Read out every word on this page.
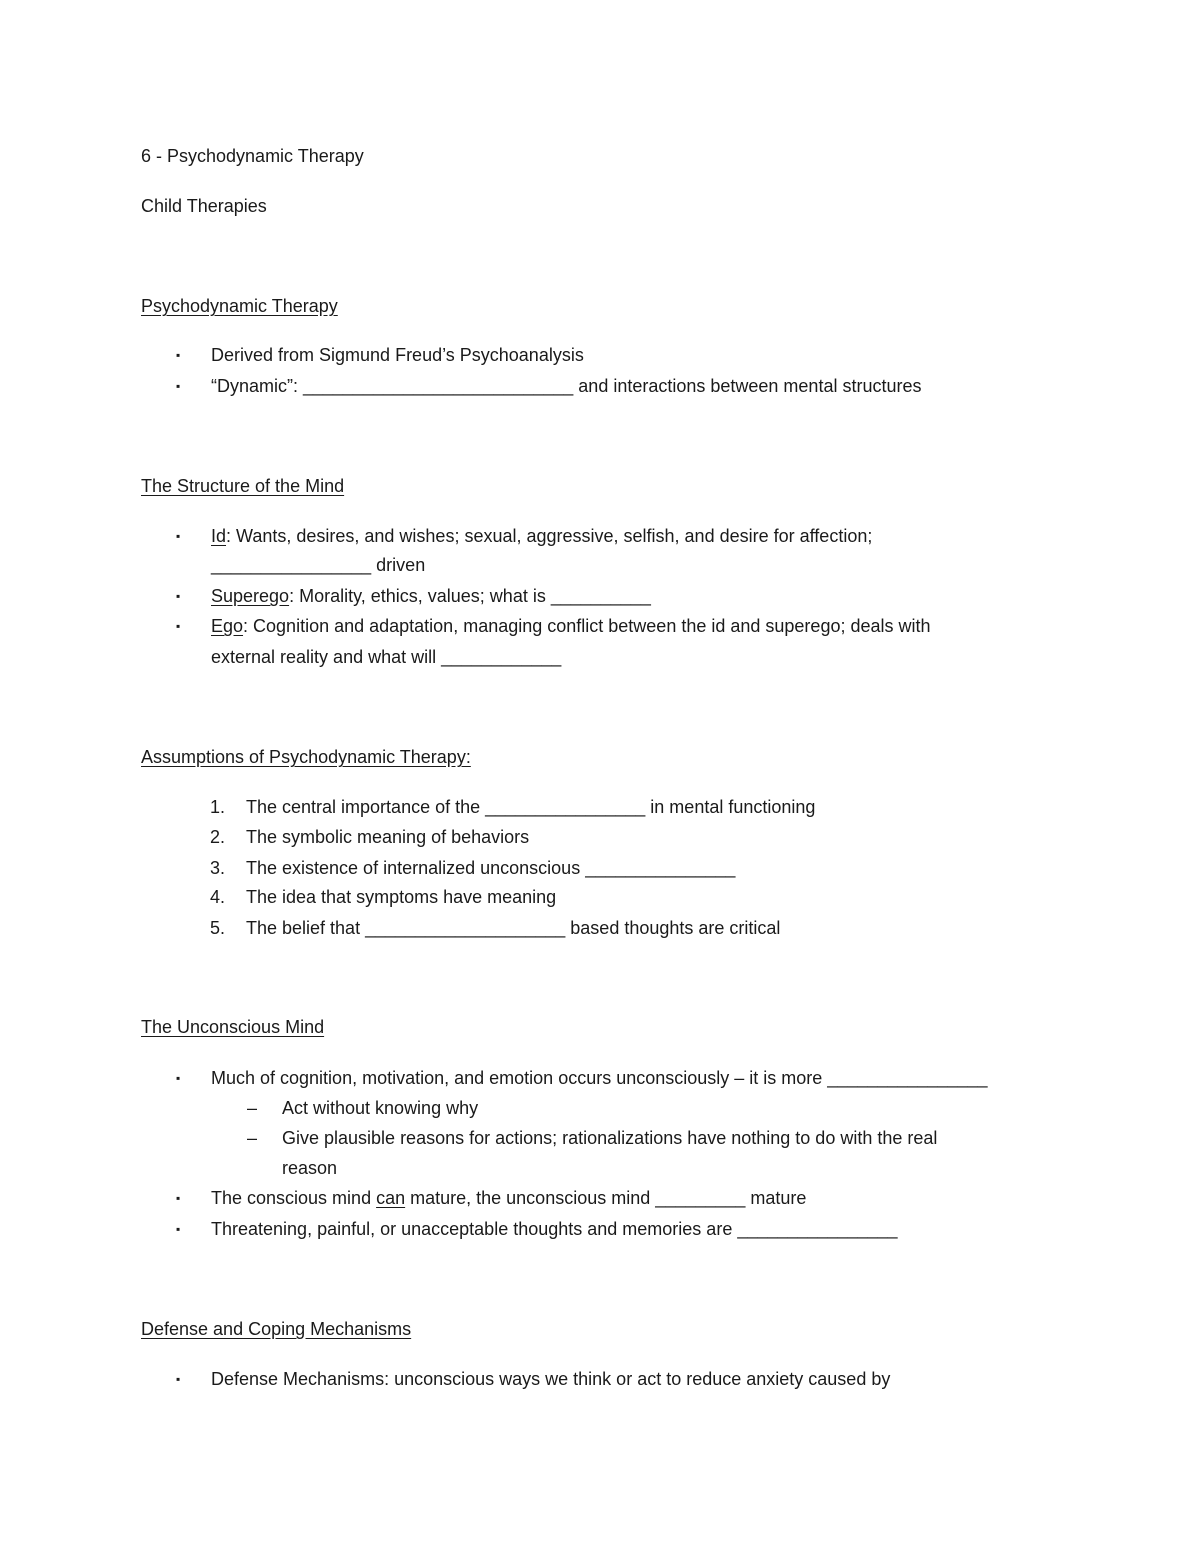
6 - Psychodynamic Therapy
Child Therapies
Psychodynamic Therapy
▪	Derived from Sigmund Freud’s Psychoanalysis
▪	“Dynamic”: ___________________________ and interactions between mental structures
The Structure of the Mind
▪	Id: Wants, desires, and wishes; sexual, aggressive, selfish, and desire for affection;
________________ driven
▪	Superego: Morality, ethics, values; what is __________
▪	Ego: Cognition and adaptation, managing conflict between the id and superego; deals with
external reality and what will ____________
Assumptions of Psychodynamic Therapy:
1.	The central importance of the ________________ in mental functioning
2.	The symbolic meaning of behaviors
3.	The existence of internalized unconscious _______________
4.	The idea that symptoms have meaning
5.	The belief that ____________________ based thoughts are critical
The Unconscious Mind
▪	Much of cognition, motivation, and emotion occurs unconsciously – it is more ________________
–	Act without knowing why
–	Give plausible reasons for actions; rationalizations have nothing to do with the real
reason
▪	The conscious mind can mature, the unconscious mind _________ mature
▪	Threatening, painful, or unacceptable thoughts and memories are ________________
Defense and Coping Mechanisms
▪	Defense Mechanisms: unconscious ways we think or act to reduce anxiety caused by
